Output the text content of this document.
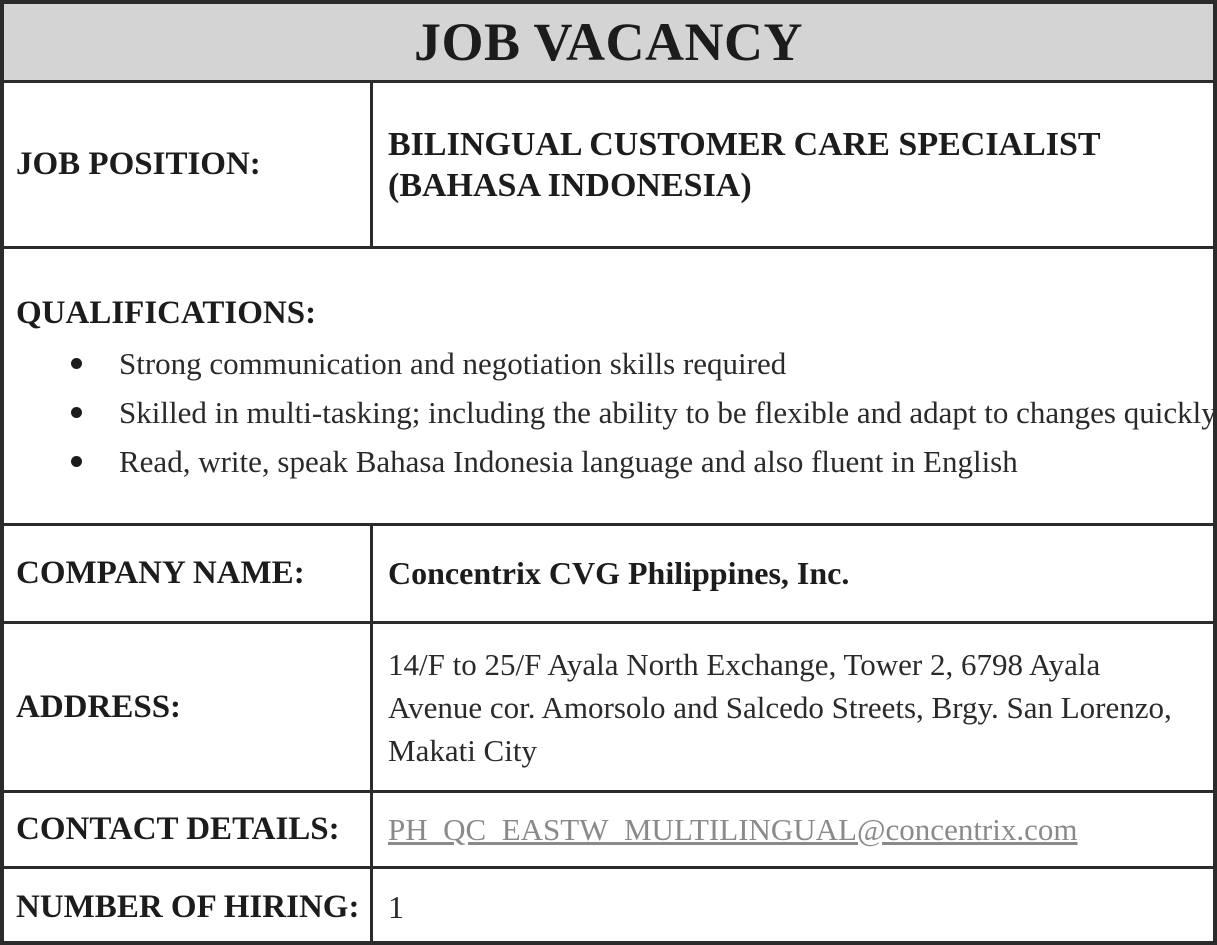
JOB VACANCY
JOB POSITION:
BILINGUAL CUSTOMER CARE SPECIALIST
(BAHASA INDONESIA)
QUALIFICATIONS:
Strong communication and negotiation skills required
Skilled in multi-tasking; including the ability to be flexible and adapt to changes quickly
Read, write, speak Bahasa Indonesia language and also fluent in English
COMPANY NAME:	Concentrix CVG Philippines, Inc.
ADDRESS:
14/F to 25/F Ayala North Exchange, Tower 2, 6798 Ayala
Avenue cor. Amorsolo and Salcedo Streets, Brgy. San Lorenzo,
Makati City
CONTACT DETAILS:	PH_QC_EASTW_MULTILINGUAL@concentrix.com
NUMBER OF HIRING: 1
